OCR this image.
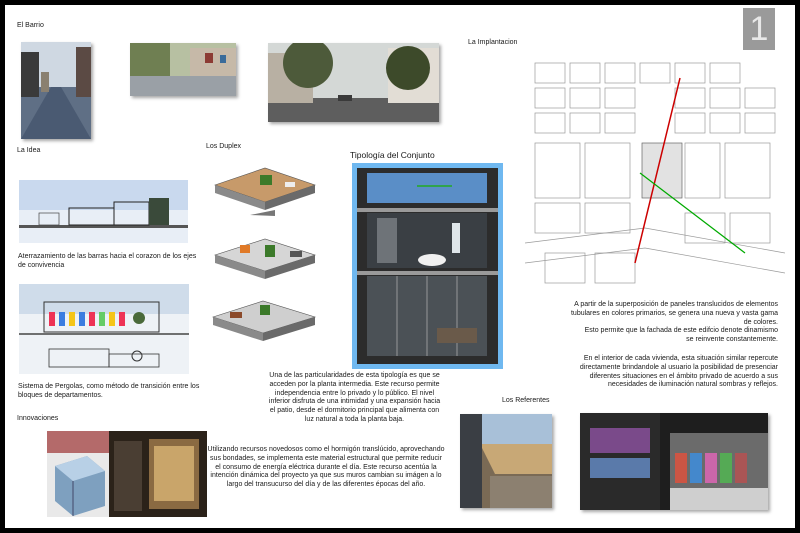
1
El Barrio
La Implantacion
La Idea
Aterrazamiento de las barras hacia el corazon de los ejes de convivencia
Sistema de Pergolas, como método de transición entre los bloques de departamentos.
Los Duplex
Tipología del Conjunto
Una de las particularidades de esta tipología es que se acceden por la planta intermedia. Este recurso permite independencia entre lo privado y lo público. El nivel inferior disfruta de una intimidad y una expansión hacia el patio, desde el dormitorio principal que alimenta con luz natural a toda la planta baja.
Innovaciones
Utilizando recursos novedosos como el hormigón translúcido, aprovechando sus bondades, se implementa este material estructural que permite reducir el consumo de energía eléctrica durante el día. Este recurso acentúa la intención dinámica del proyecto ya que sus muros cambian su imágen a lo largo del transucurso del día y de las diferentes épocas del año.
A partir de la superposición de paneles translucidos de elementos tubulares en colores primarios, se genera una nueva y vasta gama de colores.
Esto permite que la fachada de este edifcio denote dinamismo se reinvente constantemente.
En el interior de cada vivienda, esta situación similar repercute directamente brindandole al usuario la posibilidad de presenciar diferentes situaciones en el ámbito privado de acuerdo a sus necesidades de iluminación natural sombras y reflejos.
Los Referentes
